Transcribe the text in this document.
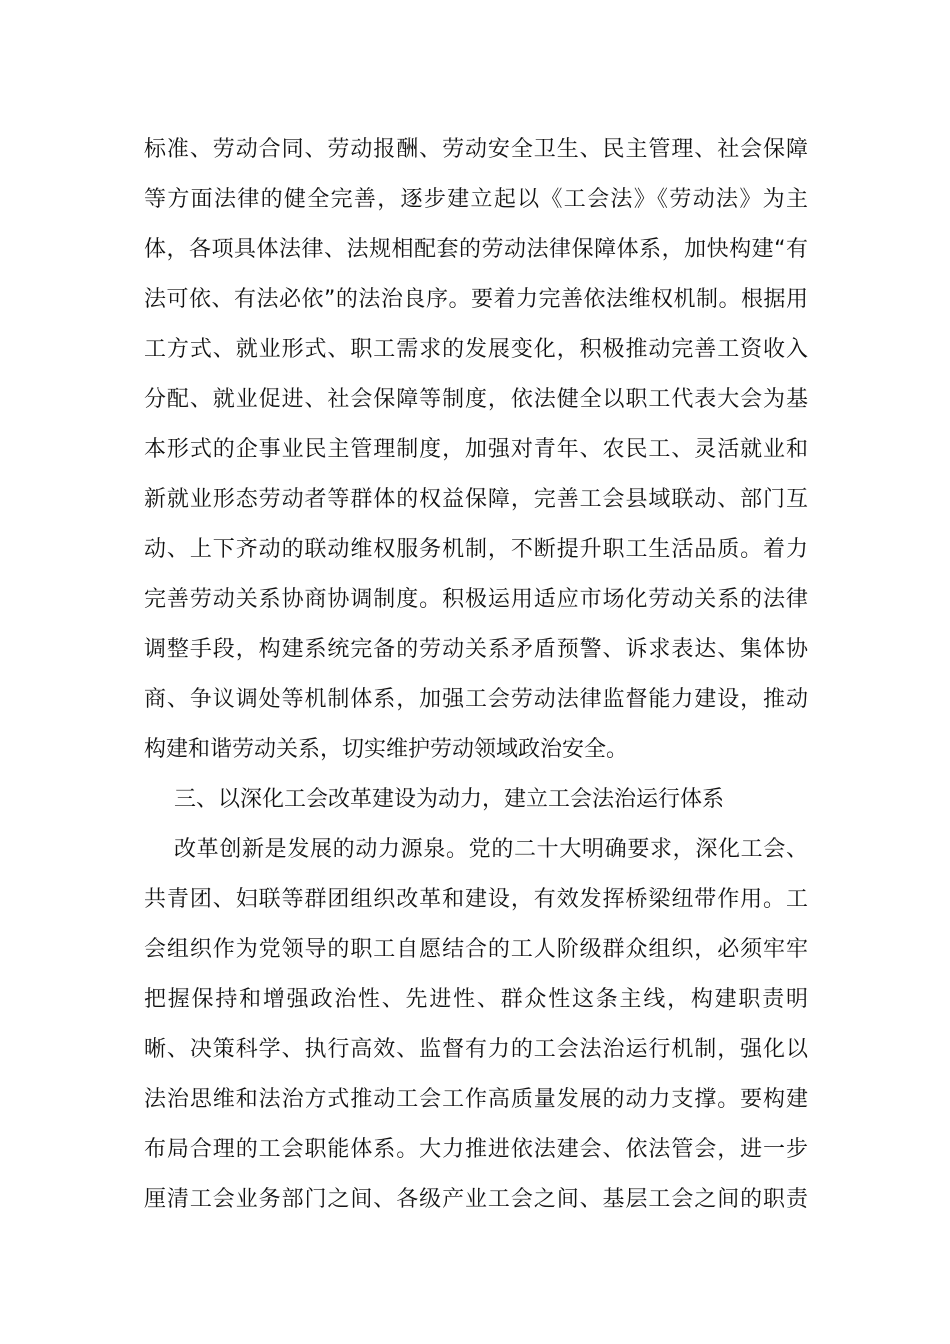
标准、劳动合同、劳动报酬、劳动安全卫生、民主管理、社会保障
等方面法律的健全完善，逐步建立起以《工会法》《劳动法》为主
体，各项具体法律、法规相配套的劳动法律保障体系，加快构建“有
法可依、有法必依”的法治良序。要着力完善依法维权机制。根据用
工方式、就业形式、职工需求的发展变化，积极推动完善工资收入
分配、就业促进、社会保障等制度，依法健全以职工代表大会为基
本形式的企事业民主管理制度，加强对青年、农民工、灵活就业和
新就业形态劳动者等群体的权益保障，完善工会县域联动、部门互
动、上下齐动的联动维权服务机制，不断提升职工生活品质。着力
完善劳动关系协商协调制度。积极运用适应市场化劳动关系的法律
调整手段，构建系统完备的劳动关系矛盾预警、诉求表达、集体协
商、争议调处等机制体系，加强工会劳动法律监督能力建设，推动
构建和谐劳动关系，切实维护劳动领域政治安全。
三、以深化工会改革建设为动力，建立工会法治运行体系
改革创新是发展的动力源泉。党的二十大明确要求，深化工会、
共青团、妇联等群团组织改革和建设，有效发挥桥梁纽带作用。工
会组织作为党领导的职工自愿结合的工人阶级群众组织，必须牢牢
把握保持和增强政治性、先进性、群众性这条主线，构建职责明
晰、决策科学、执行高效、监督有力的工会法治运行机制，强化以
法治思维和法治方式推动工会工作高质量发展的动力支撑。要构建
布局合理的工会职能体系。大力推进依法建会、依法管会，进一步
厘清工会业务部门之间、各级产业工会之间、基层工会之间的职责
